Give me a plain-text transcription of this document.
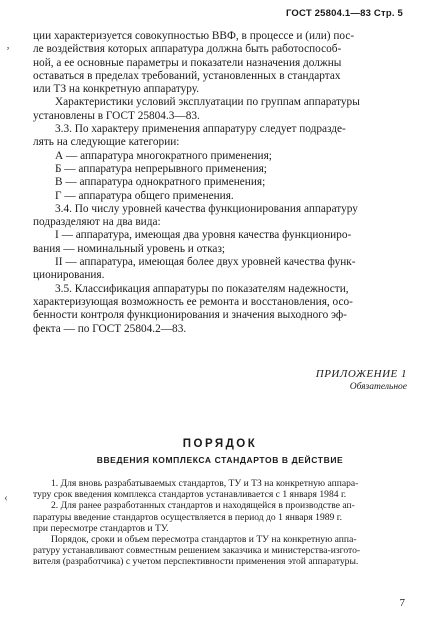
ГОСТ 25804.1—83 Стр. 5
ʼ
‹

ции характеризуется совокупностью ВВФ, в процессе и (или) пос-
ле воздействия которых аппаратура должна быть работоспособ-
ной, а ее основные параметры и показатели назначения должны
оставаться в пределах требований, установленных в стандартах
или ТЗ на конкретную аппаратуру.

Характеристики условий эксплуатации по группам аппаратуры
установлены в ГОСТ 25804.3—83.

3.3. По характеру применения аппаратуру следует подразде-
лять на следующие категории:

А — аппаратура многократного применения;

Б — аппаратура непрерывного применения;

В — аппаратура однократного применения;

Г — аппаратура общего применения.

3.4. По числу уровней качества функционирования аппаратуру
подразделяют на два вида:

I — аппаратура, имеющая два уровня качества функциониро-
вания — номинальный уровень и отказ;

II — аппаратура, имеющая более двух уровней качества функ-
ционирования.

3.5. Классификация аппаратуры по показателям надежности,
характеризующая возможность ее ремонта и восстановления, осо-
бенности контроля функционирования и значения выходного эф-
фекта — по ГОСТ 25804.2—83.

ПРИЛОЖЕНИЕ 1
Обязательное
ПОРЯДОК
ВВЕДЕНИЯ КОМПЛЕКСА СТАНДАРТОВ В ДЕЙСТВИЕ

1. Для вновь разрабатываемых стандартов, ТУ и ТЗ на конкретную аппара-
туру срок введения комплекса стандартов устанавливается с 1 января 1984 г.

2. Для ранее разработанных стандартов и находящейся в производстве ап-
паратуры введение стандартов осуществляется в период до 1 января 1989 г.
при пересмотре стандартов и ТУ.

Порядок, сроки и объем пересмотра стандартов и ТУ на конкретную аппа-
ратуру устанавливают совместным решением заказчика и министерства-изгото-
вителя (разработчика) с учетом перспективности применения этой аппаратуры.

7
